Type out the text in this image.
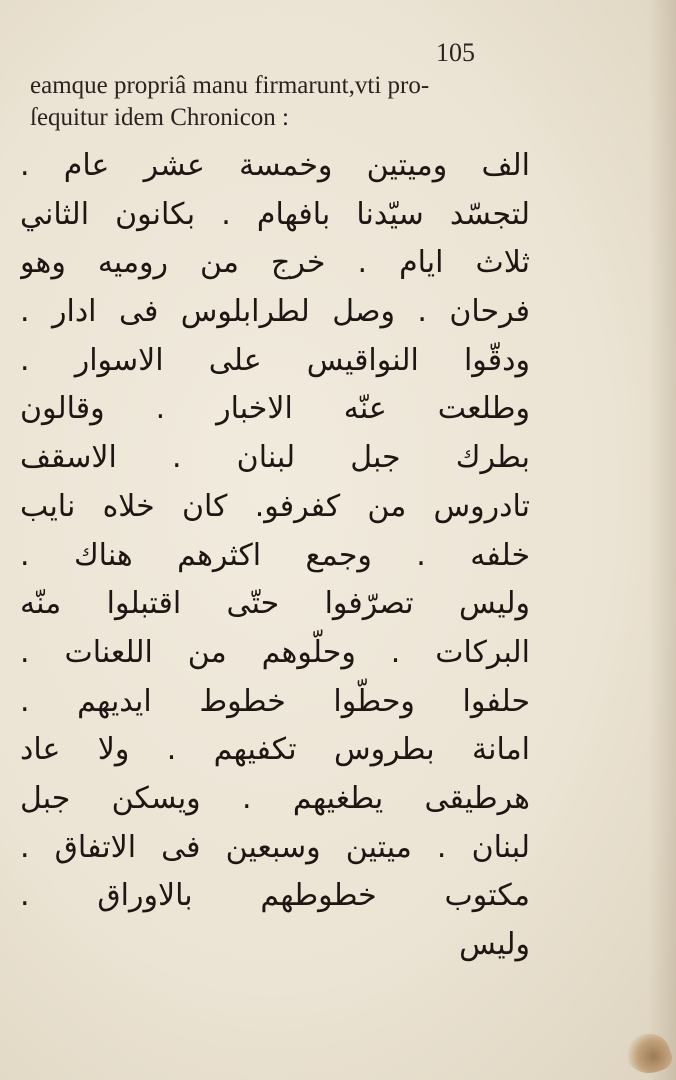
105
eamque propriâ manu firmarunt,vti pro-
ſequitur idem Chronicon :
الف وميتين وخمسة عشر عام .
لتجسّد سيّدنا بافهام . بكانون الثاني
ثلاث ايام . خرج من روميه وهو
فرحان . وصل لطرابلوس فى ادار .
ودقّوا النواقيس على الاسوار .
وطلعت عنّه الاخبار . وقالون
بطرك جبل لبنان . الاسقف
تادروس من كفرفو. كان خلاه نايب
خلفه . وجمع اكثرهم هناك .
وليس تصرّفوا حتّى اقتبلوا منّه
البركات . وحلّوهم من اللعنات .
حلفوا وحطّوا خطوط ايديهم .
امانة بطروس تكفيهم . ولا عاد
هرطيقى يطغيهم . ويسكن جبل
لبنان . ميتين وسبعين فى الاتفاق .
مكتوب خطوطهم بالاوراق .
وليس
